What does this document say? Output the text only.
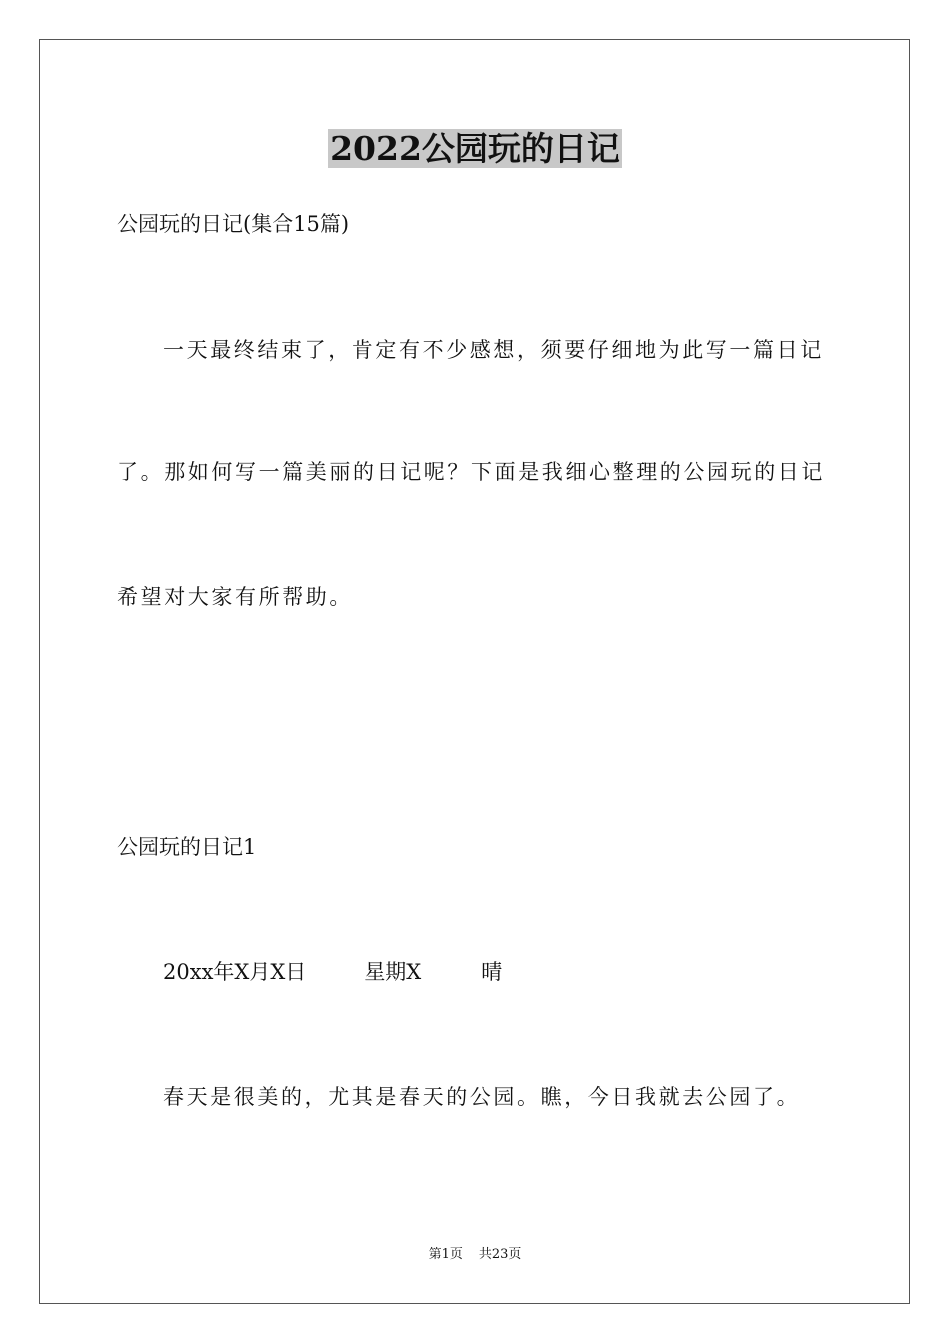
2022公园玩的日记
公园玩的日记(集合15篇)
一天最终结束了，肯定有不少感想，须要仔细地为此写一篇日记
了。那如何写一篇美丽的日记呢？下面是我细心整理的公园玩的日记
希望对大家有所帮助。
公园玩的日记1
20xx年X月X日	星期X	晴
春天是很美的，尤其是春天的公园。瞧，今日我就去公园了。
第1页 共23页
